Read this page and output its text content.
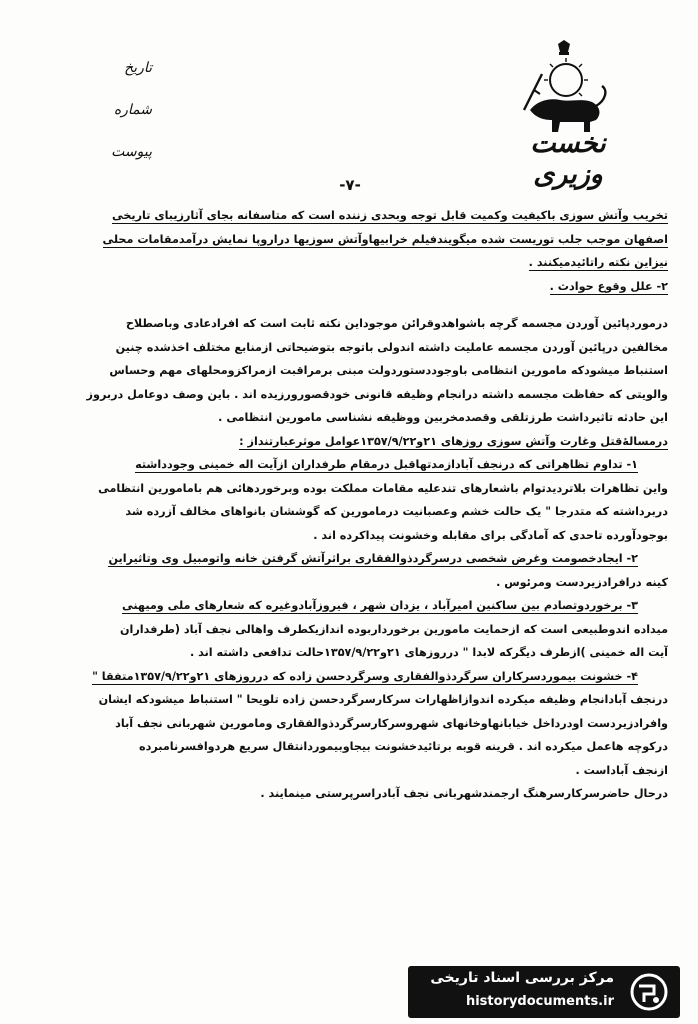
نخست وزیری
تاریخ
شماره
پیوست
-۷-
تخریب وآتش سوزی باکیفیت وکمیت قابل توجه وبحدی زننده است که متاسفانه بجای آثارزیبای تاریخی
اصفهان موجب جلب توریست شده میگویندفیلم خرابیهاوآتش سوزیها دراروپا نمایش درآمدمقامات محلی
نیزاین نکته راتائیدمیکنند .
۲- علل وقوع حوادث .
درموردپائین آوردن مجسمه گرچه باشواهدوقرائن موجوداین نکته ثابت است که افرادعادی وباصطلاح
مخالفین درپائین آوردن مجسمه عاملیت داشته اندولی باتوجه بتوضیحاتی ازمنابع مختلف اخذشده چنین
استنباط میشودکه مامورین انتظامی باوجوددستوردولت مبنی برمراقبت ازمراکزومحلهای مهم وحساس
والویتی که حفاظت مجسمه داشته درانجام وظیفه قانونی خودقصورورزیده اند . باین وصف دوعامل دربروز
این حادثه تاثیرداشت طرزتلقی وقصدمخربین ووظیفه نشناسی مامورین انتظامی .
درمسالۀقتل وغارت وآتش سوزی روزهای ۲۱و۱۳۵۷/۹/۲۲عوامل موثرعبارتنداز :
۱- تداوم تظاهراتی که درنجف آبادازمدتهاقبل درمقام طرفداران ازآیت اله خمینی وجودداشته
واین تظاهرات بلاتردیدتوام باشعارهای تندعلیه مقامات مملکت بوده وبرخوردهائی هم بامامورین انتظامی
دربرداشته که متدرجا " یک حالت خشم وعصبانیت درمامورین که گوششان بانواهای مخالف آزرده شد
بوجودآورده تاحدی که آمادگی برای مقابله وخشونت پیداکرده اند .
۲- ایجادخصومت وغرض شخصی درسرگردذوالفقاری براثرآتش گرفتن خانه واتومبیل وی وتاثیراین
کینه درافرادزیردست ومرئوس .
۳- برخوردوتصادم بین ساکنین امیرآباد ، یزدان شهر ، فیروزآبادوغیره که شعارهای ملی ومیهنی
میداده اندوطبیعی است که ازحمایت مامورین برخورداربوده اندازیکطرف واهالی نجف آباد (طرفداران
آیت اله خمینی )ازطرف دیگرکه لابدا " درروزهای ۲۱و۱۳۵۷/۹/۲۲حالت تدافعی داشته اند .
۴- خشونت بیموردسرکاران سرگردذوالفقاری وسرگردحسن زاده که درروزهای ۲۱و۱۳۵۷/۹/۲۲متفقا "
درنجف آبادانجام وظیفه میکرده اندوازاظهارات سرکارسرگردحسن زاده تلویحا " استنباط میشودکه ایشان
وافرادزیردست اودرداخل خیابانهاوخانهای شهروسرکارسرگردذوالفقاری ومامورین شهربانی نجف آباد
درکوچه هاعمل میکرده اند . قرینه قوبه برتائیدخشونت بیجاوبیموردانتقال سریع هردوافسرنامبرده
ازنجف آباداست .
درحال حاضرسرکارسرهنگ ارجمندشهربانی نجف آبادراسرپرستی مینمایند .
مرکز بررسی اسناد تاریخی
historydocuments.ir
